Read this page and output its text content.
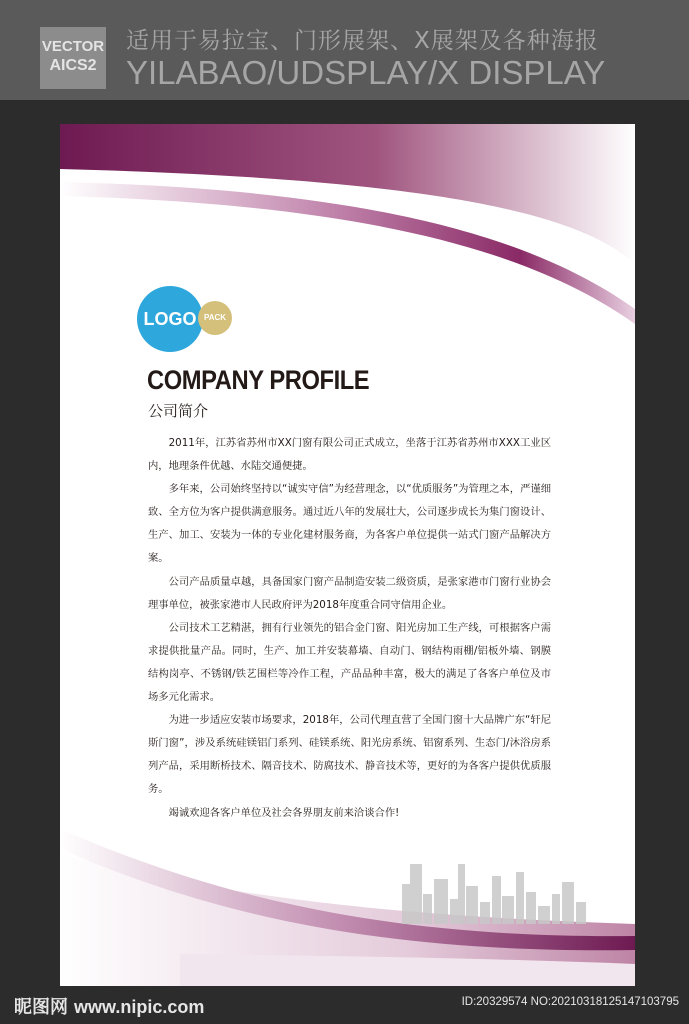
VECTOR
AICS2
适用于易拉宝、门形展架、X展架及各种海报
YILABAO/UDSPLAY/X DISPLAY
LOGO PACK
COMPANY PROFILE
公司简介

2011年，江苏省苏州市XX门窗有限公司正式成立，坐落于江苏省苏州市XXX工业区内，地理条件优越、水陆交通便捷。

多年来，公司始终坚持以“诚实守信”为经营理念，以“优质服务”为管理之本，严谨细致、全方位为客户提供满意服务。通过近八年的发展壮大，公司逐步成长为集门窗设计、生产、加工、安装为一体的专业化建材服务商，为各客户单位提供一站式门窗产品解决方案。

公司产品质量卓越，具备国家门窗产品制造安装二级资质，是张家港市门窗行业协会理事单位，被张家港市人民政府评为2018年度重合同守信用企业。

公司技术工艺精湛，拥有行业领先的铝合金门窗、阳光房加工生产线，可根据客户需求提供批量产品。同时，生产、加工并安装幕墙、自动门、钢结构雨棚/铝板外墙、钢膜结构岗亭、不锈钢/铁艺围栏等冷作工程，产品品种丰富，极大的满足了各客户单位及市场多元化需求。

为进一步适应安装市场要求，2018年，公司代理直营了全国门窗十大品牌广东“轩尼斯门窗”，涉及系统硅镁铝门系列、硅镁系统、阳光房系统、铝窗系列、生态门/沐浴房系列产品，采用断桥技术、隔音技术、防腐技术、静音技术等，更好的为各客户提供优质服务。

竭诚欢迎各客户单位及社会各界朋友前来洽谈合作!

昵图网 www.nipic.com	ID:20329574 NO:20210318125147103795
